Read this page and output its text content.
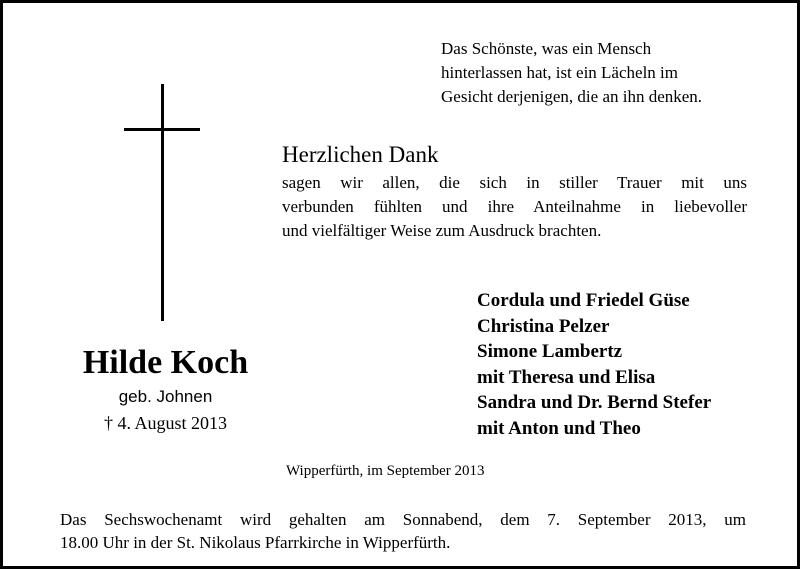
Das Schönste, was ein Mensch
hinterlassen hat, ist ein Lächeln im
Gesicht derjenigen, die an ihn denken.
Herzlichen Dank
sagen wir allen, die sich in stiller Trauer mit uns
verbunden fühlten und ihre Anteilnahme in liebevoller
und vielfältiger Weise zum Ausdruck brachten.
Cordula und Friedel Güse
Christina Pelzer
Simone Lambertz
mit Theresa und Elisa
Sandra und Dr. Bernd Stefer
mit Anton und Theo
Hilde Koch
geb. Johnen
† 4. August 2013
Wipperfürth, im September 2013
Das Sechswochenamt wird gehalten am Sonnabend, dem 7. September 2013, um
18.00 Uhr in der St. Nikolaus Pfarrkirche in Wipperfürth.
